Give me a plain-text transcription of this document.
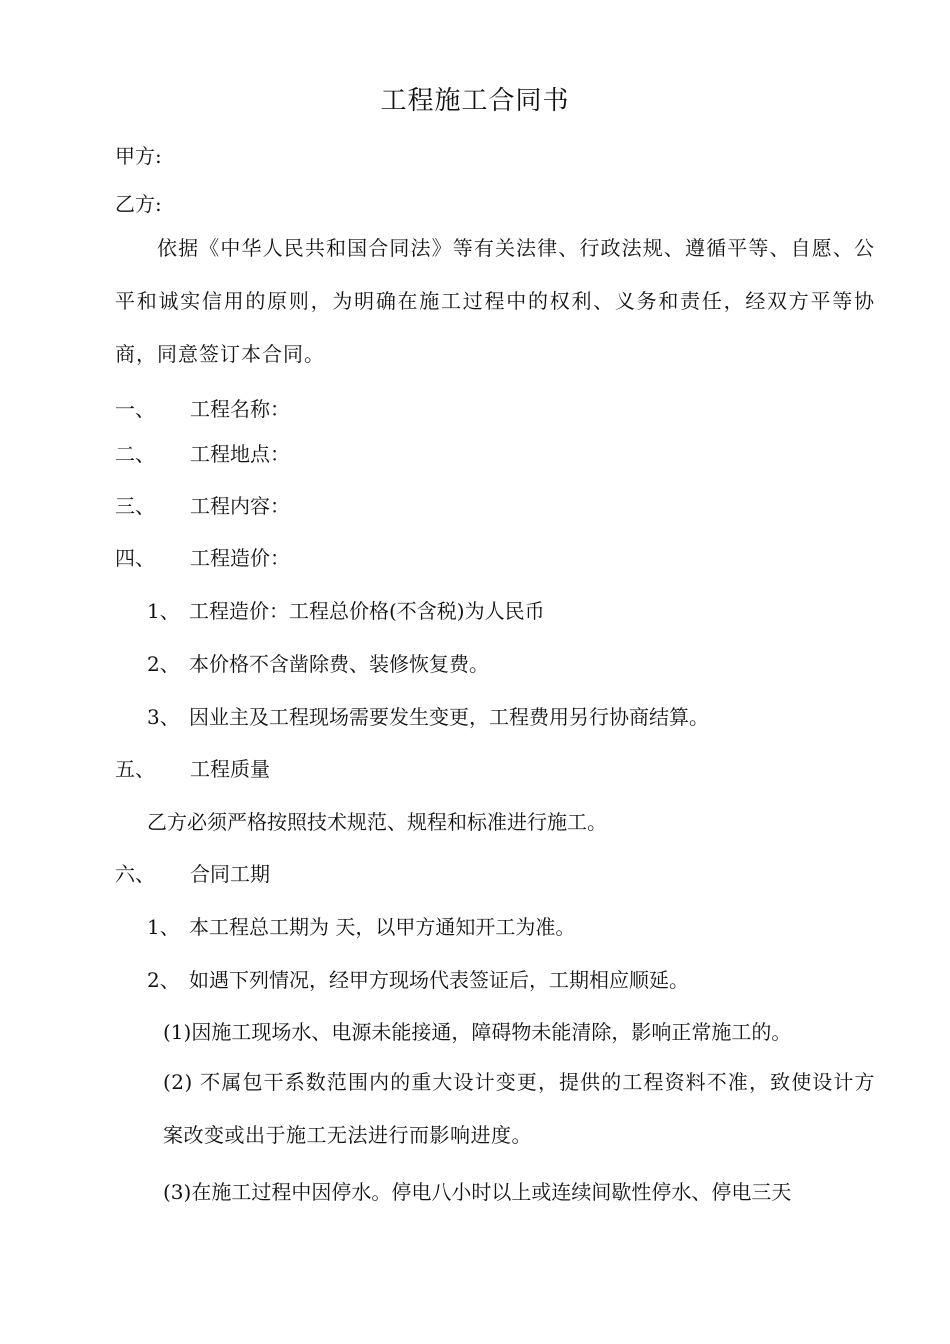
工程施工合同书
甲方:
乙方:
依据《中华人民共和国合同法》等有关法律、行政法规、遵循平等、自愿、公平和诚实信用的原则，为明确在施工过程中的权利、义务和责任，经双方平等协商，同意签订本合同。
一、 工程名称：
二、 工程地点：
三、 工程内容：
四、 工程造价：
1、 工程造价：工程总价格(不含税)为人民币
2、 本价格不含凿除费、装修恢复费。
3、 因业主及工程现场需要发生变更，工程费用另行协商结算。
五、 工程质量
乙方必须严格按照技术规范、规程和标准进行施工。
六、 合同工期
1、 本工程总工期为 天，以甲方通知开工为准。
2、 如遇下列情况，经甲方现场代表签证后，工期相应顺延。
(1)因施工现场水、电源未能接通，障碍物未能清除，影响正常施工的。
(2) 不属包干系数范围内的重大设计变更，提供的工程资料不准，致使设计方案改变或出于施工无法进行而影响进度。
(3)在施工过程中因停水。停电八小时以上或连续间歇性停水、停电三天
